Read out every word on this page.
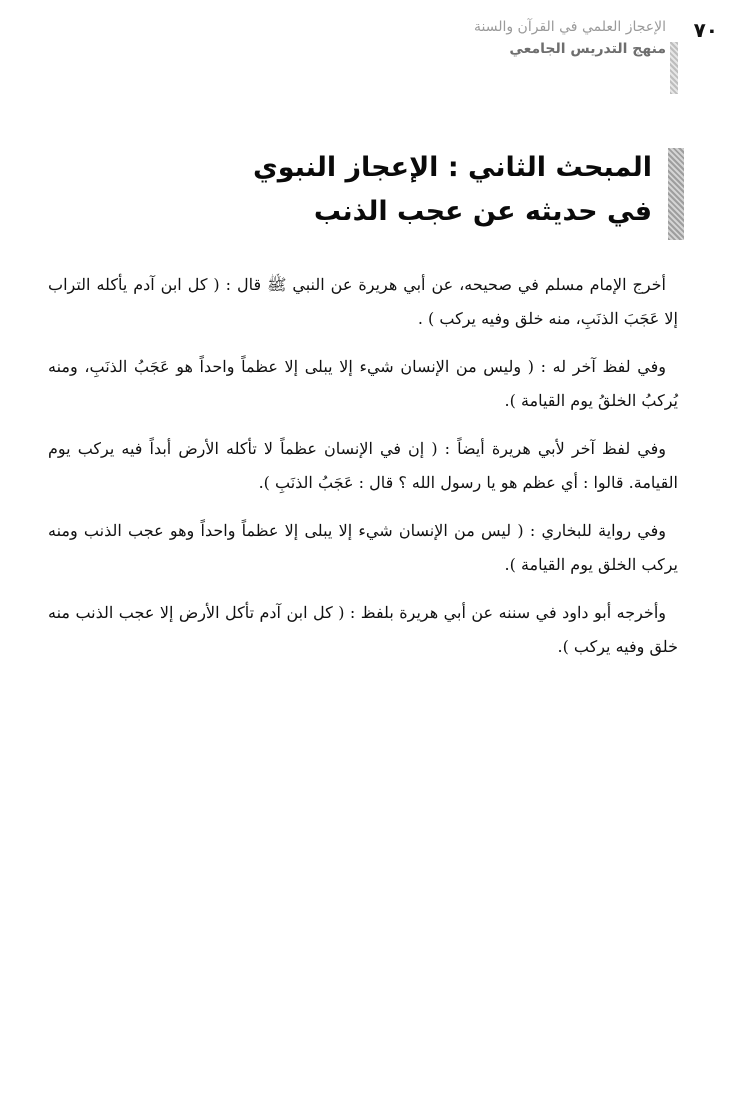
٧٠
الإعجاز العلمي في القرآن والسنة
منهج التدريس الجامعي
المبحث الثاني : الإعجاز النبوي
في حديثه عن عجب الذنب

أخرج الإمام مسلم في صحيحه، عن أبي هريرة عن النبي ﷺ قال : ( كل ابن آدم يأكله التراب إلا عَجَبَ الذنَبِ، منه خلق وفيه يركب ) .

وفي لفظ آخر له : ( وليس من الإنسان شيء إلا يبلى إلا عظماً واحداً هو عَجَبُ الذنَبِ، ومنه يُركبُ الخلقُ يوم القيامة ).

وفي لفظ آخر لأبي هريرة أيضاً : ( إن في الإنسان عظماً لا تأكله الأرض أبداً فيه يركب يوم القيامة. قالوا : أي عظم هو يا رسول الله ؟ قال : عَجَبُ الذنَبِ ).

وفي رواية للبخاري : ( ليس من الإنسان شيء إلا يبلى إلا عظماً واحداً وهو عجب الذنب ومنه يركب الخلق يوم القيامة ).

وأخرجه أبو داود في سننه عن أبي هريرة بلفظ : ( كل ابن آدم تأكل الأرض إلا عجب الذنب منه خلق وفيه يركب ).
